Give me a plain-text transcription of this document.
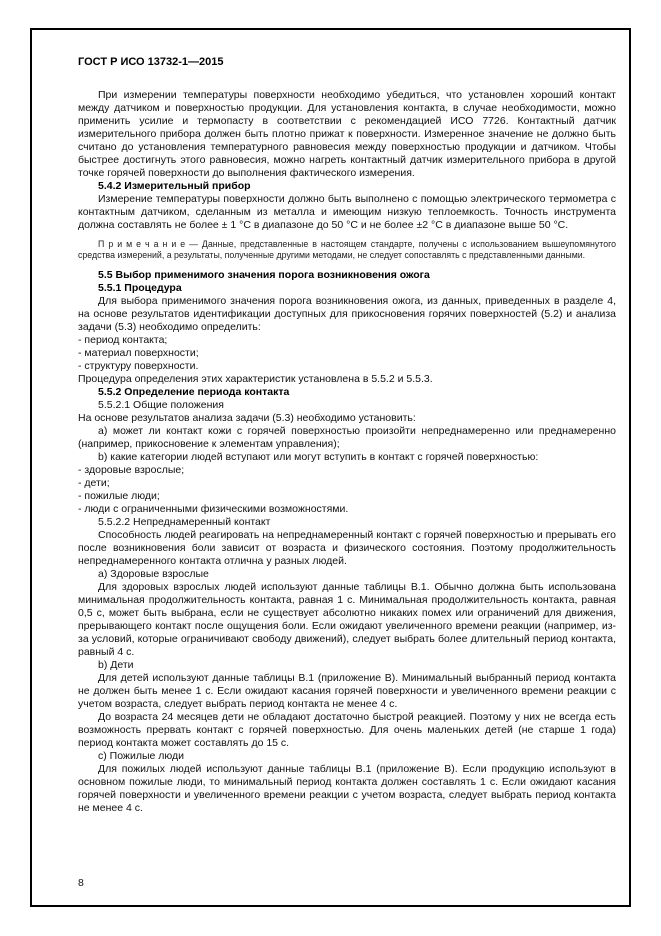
ГОСТ Р ИСО 13732-1—2015
При измерении температуры поверхности необходимо убедиться, что установлен хороший контакт между датчиком и поверхностью продукции. Для установления контакта, в случае необходимости, можно применить усилие и термопасту в соответствии с рекомендацией ИСО 7726. Контактный датчик измерительного прибора должен быть плотно прижат к поверхности. Измеренное значение не должно быть считано до установления температурного равновесия между поверхностью продукции и датчиком. Чтобы быстрее достигнуть этого равновесия, можно нагреть контактный датчик измерительного прибора в другой точке горячей поверхности до выполнения фактического измерения.
5.4.2 Измерительный прибор
Измерение температуры поверхности должно быть выполнено с помощью электрического термометра с контактным датчиком, сделанным из металла и имеющим низкую теплоемкость. Точность инструмента должна составлять не более ± 1 °С в диапазоне до 50 °С и не более ±2 °С в диапазоне выше 50 °С.
П р и м е ч а н и е — Данные, представленные в настоящем стандарте, получены с использованием вышеупомянутого средства измерений, а результаты, полученные другими методами, не следует сопоставлять с представленными данными.
5.5 Выбор применимого значения порога возникновения ожога
5.5.1 Процедура
Для выбора применимого значения порога возникновения ожога, из данных, приведенных в разделе 4, на основе результатов идентификации доступных для прикосновения горячих поверхностей (5.2) и анализа задачи (5.3) необходимо определить:
- период контакта;
- материал поверхности;
- структуру поверхности.
Процедура определения этих характеристик установлена в 5.5.2 и 5.5.3.
5.5.2 Определение периода контакта
5.5.2.1 Общие положения
На основе результатов анализа задачи (5.3) необходимо установить:
а) может ли контакт кожи с горячей поверхностью произойти непреднамеренно или преднамеренно (например, прикосновение к элементам управления);
b) какие категории людей вступают или могут вступить в контакт с горячей поверхностью:
- здоровые взрослые;
- дети;
- пожилые люди;
- люди с ограниченными физическими возможностями.
5.5.2.2 Непреднамеренный контакт
Способность людей реагировать на непреднамеренный контакт с горячей поверхностью и прерывать его после возникновения боли зависит от возраста и физического состояния. Поэтому продолжительность непреднамеренного контакта отлична у разных людей.
а) Здоровые взрослые
Для здоровых взрослых людей используют данные таблицы В.1. Обычно должна быть использована минимальная продолжительность контакта, равная 1 с. Минимальная продолжительность контакта, равная 0,5 с, может быть выбрана, если не существует абсолютно никаких помех или ограничений для движения, прерывающего контакт после ощущения боли. Если ожидают увеличенного времени реакции (например, из-за условий, которые ограничивают свободу движений), следует выбрать более длительный период контакта, равный 4 с.
b) Дети
Для детей используют данные таблицы В.1 (приложение В). Минимальный выбранный период контакта не должен быть менее 1 с. Если ожидают касания горячей поверхности и увеличенного времени реакции с учетом возраста, следует выбрать период контакта не менее 4 с.
До возраста 24 месяцев дети не обладают достаточно быстрой реакцией. Поэтому у них не всегда есть возможность прервать контакт с горячей поверхностью. Для очень маленьких детей (не старше 1 года) период контакта может составлять до 15 с.
с) Пожилые люди
Для пожилых людей используют данные таблицы В.1 (приложение В). Если продукцию используют в основном пожилые люди, то минимальный период контакта должен составлять 1 с. Если ожидают касания горячей поверхности и увеличенного времени реакции с учетом возраста, следует выбрать период контакта не менее 4 с.
8
